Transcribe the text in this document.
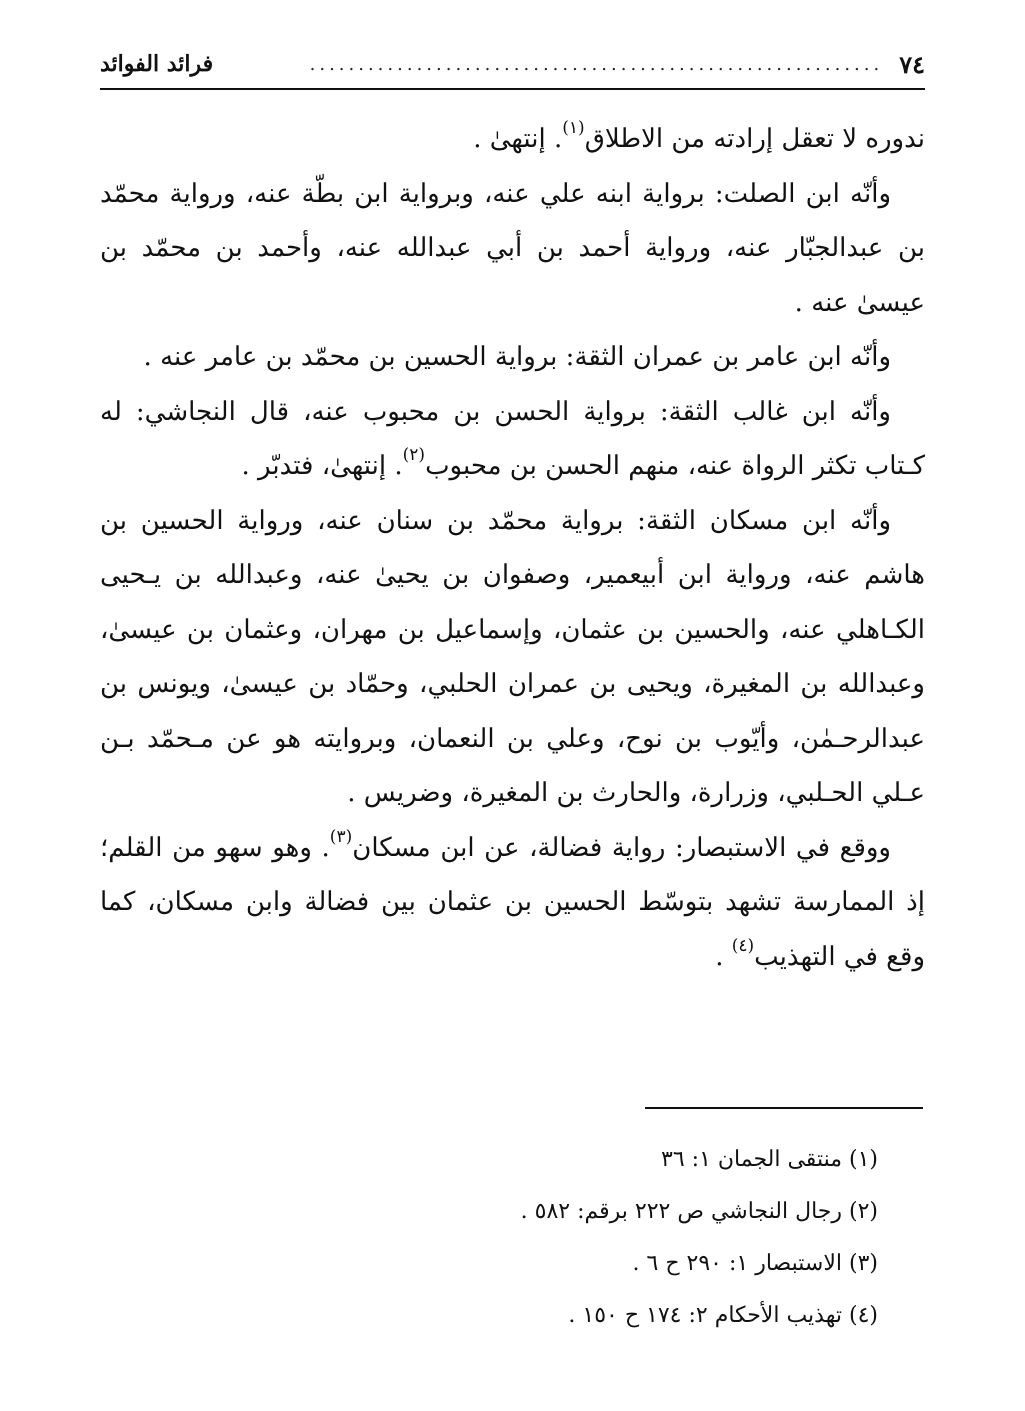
٧٤
...........................................................
فرائد الفوائد

ندوره لا تعقل إرادته من الاطلاق$^{(١)}$. إنتهىٰ .

وأنّه ابن الصلت: برواية ابنه علي عنه، وبرواية ابن بطّة عنه، ورواية محمّد بن عبدالجبّار عنه، ورواية أحمد بن أبي عبدالله عنه، وأحمد بن محمّد بن عيسىٰ عنه .

وأنّه ابن عامر بن عمران الثقة: برواية الحسين بن محمّد بن عامر عنه .

وأنّه ابن غالب الثقة: برواية الحسن بن محبوب عنه، قال النجاشي: له كـتاب تكثر الرواة عنه، منهم الحسن بن محبوب$^{(٢)}$. إنتهىٰ، فتدبّر .

وأنّه ابن مسكان الثقة: برواية محمّد بن سنان عنه، ورواية الحسين بن هاشم عنه، ورواية ابن أبيعمير، وصفوان بن يحيىٰ عنه، وعبدالله بن يـحيى الكـاهلي عنه، والحسين بن عثمان، وإسماعيل بن مهران، وعثمان بن عيسىٰ، وعبدالله بن المغيرة، ويحيى بن عمران الحلبي، وحمّاد بن عيسىٰ، ويونس بن عبدالرحـمٰن، وأيّوب بن نوح، وعلي بن النعمان، وبروايته هو عن مـحمّد بـن عـلي الحـلبي، وزرارة، والحارث بن المغيرة، وضريس .

ووقع في الاستبصار: رواية فضالة، عن ابن مسكان$^{(٣)}$. وهو سهو من القلم؛ إذ الممارسة تشهد بتوسّط الحسين بن عثمان بين فضالة وابن مسكان، كما وقع في التهذيب$^{(٤)}$ .

(١) منتقى الجمان ١: ٣٦
(٢) رجال النجاشي ص ٢٢٢ برقم: ٥٨٢ .
(٣) الاستبصار ١: ٢٩٠ ح ٦ .
(٤) تهذيب الأحكام ٢: ١٧٤ ح ١٥٠ .
